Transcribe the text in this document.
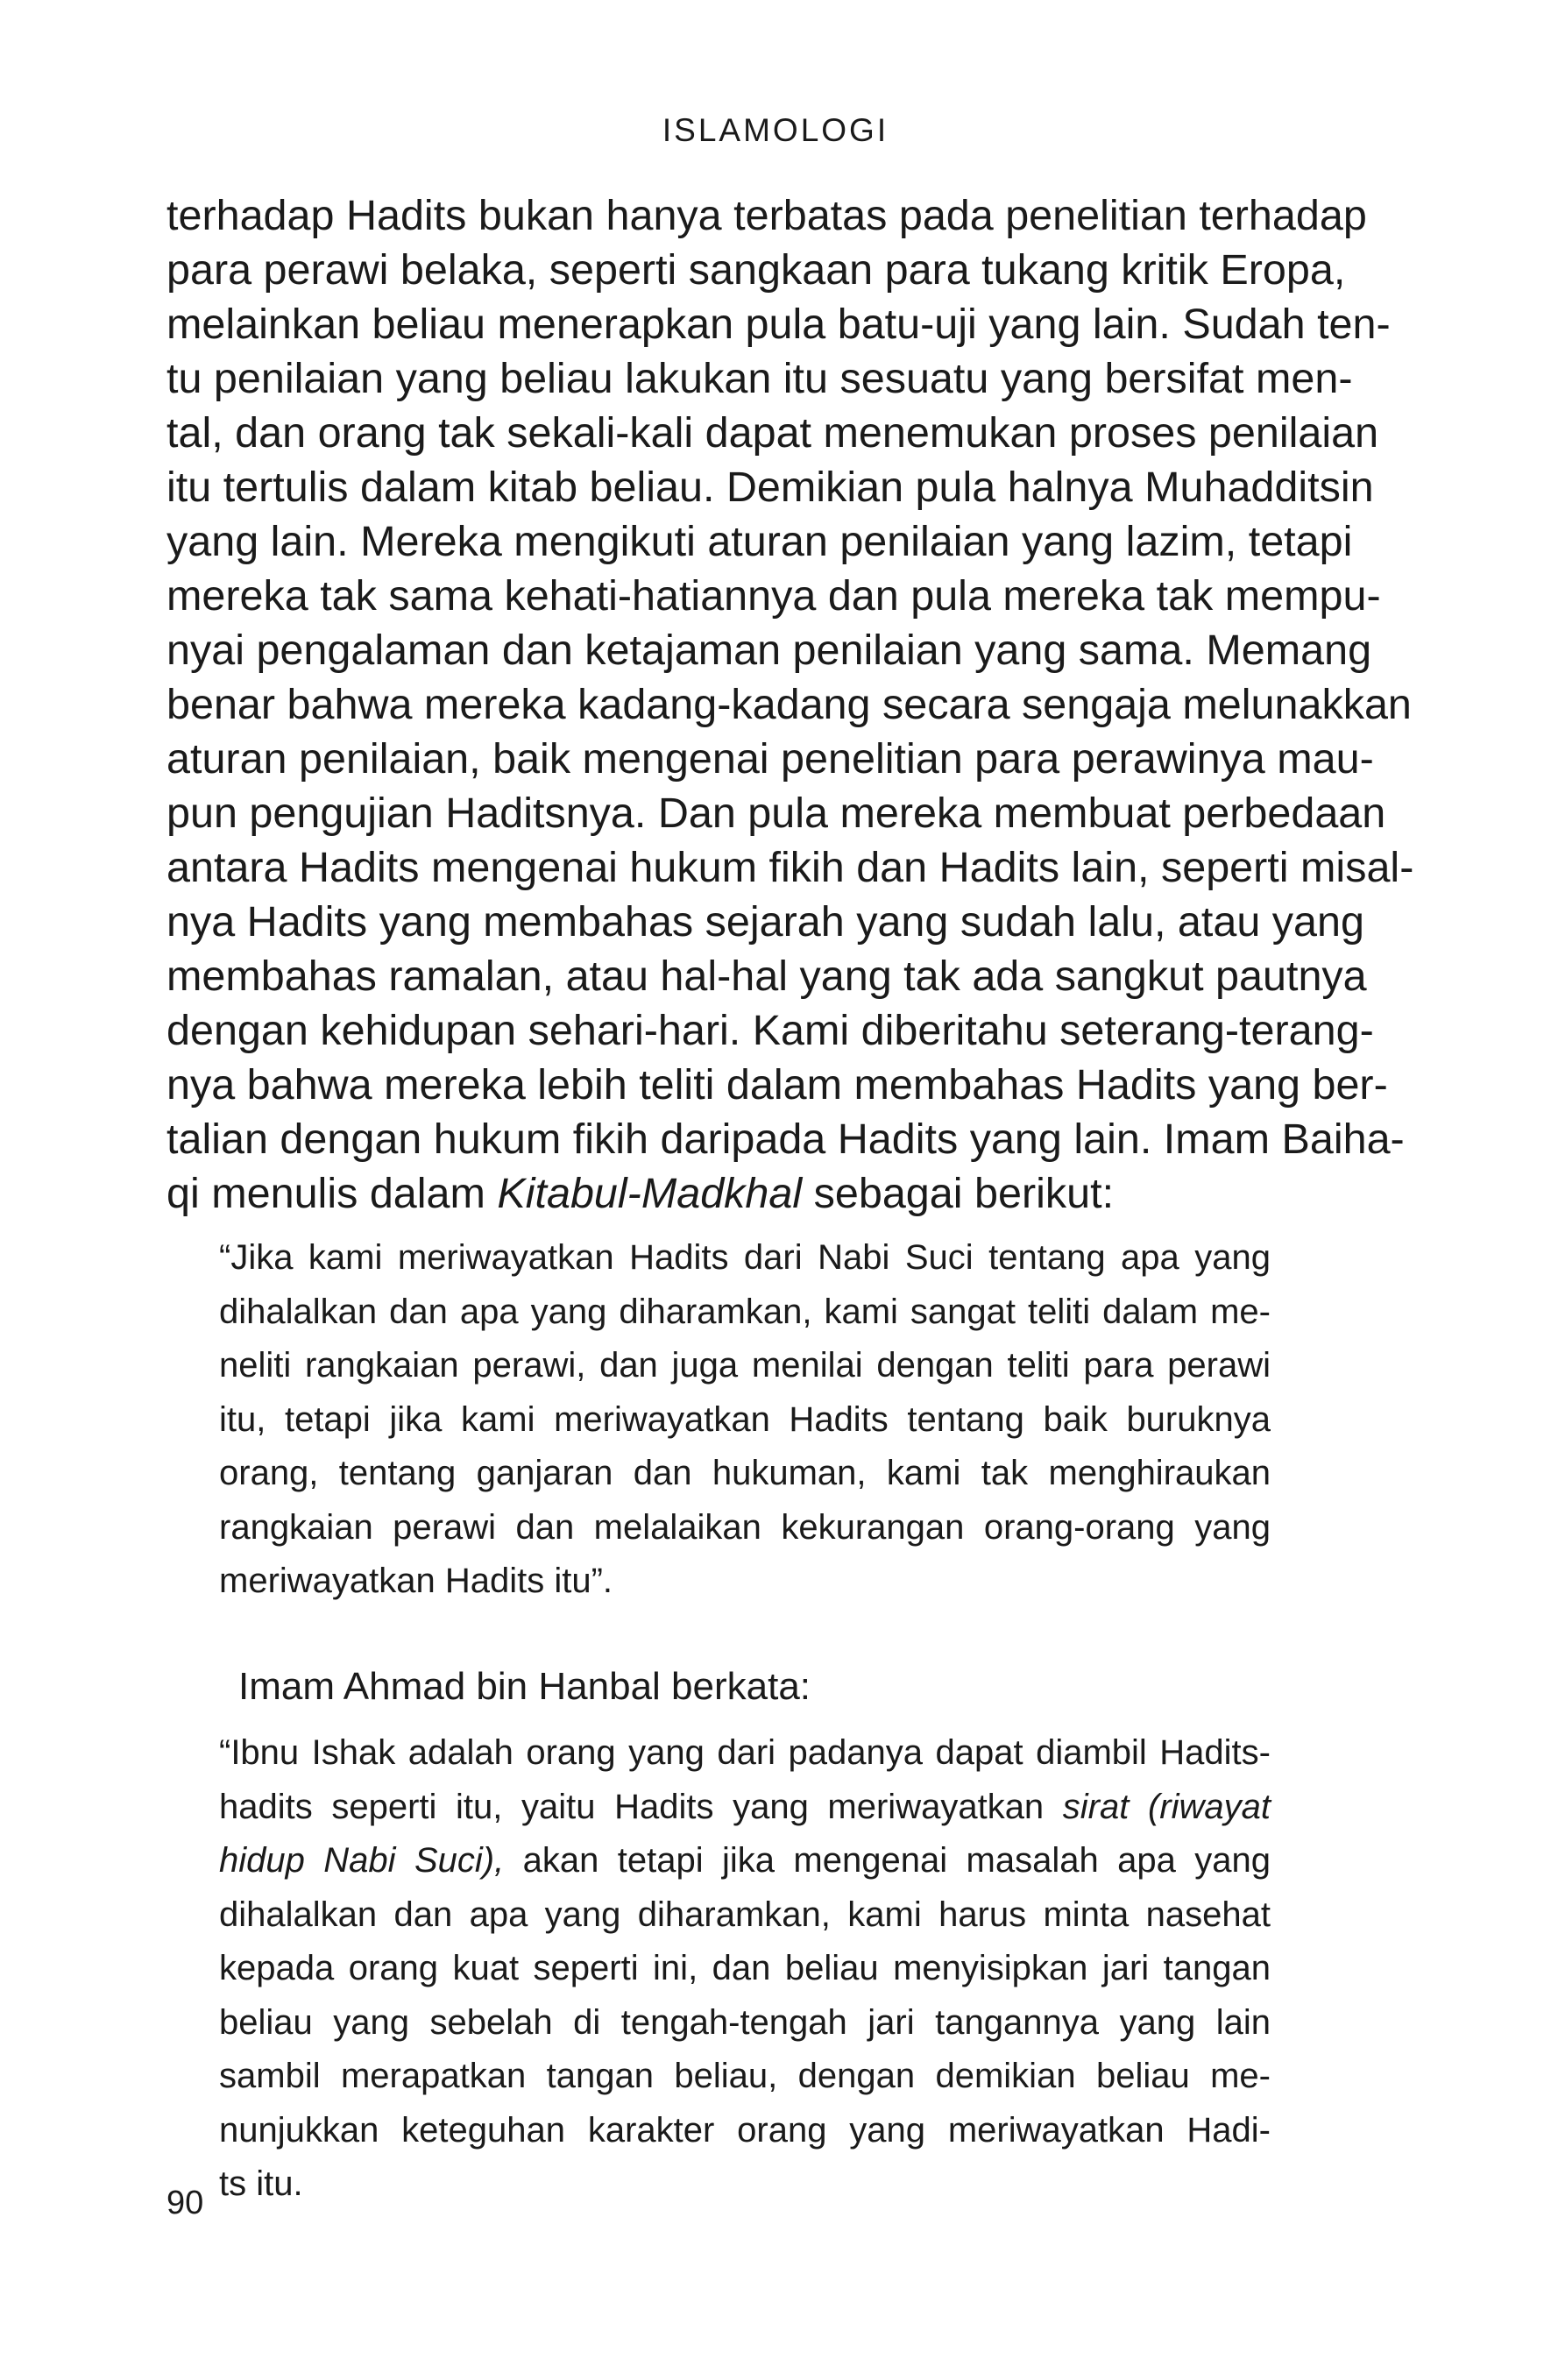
ISLAMOLOGI
terhadap Hadits bukan hanya terbatas pada penelitian terhadap
para perawi belaka, seperti sangkaan para tukang kritik Eropa,
melainkan beliau menerapkan pula batu-uji yang lain. Sudah ten-
tu penilaian yang beliau lakukan itu sesuatu yang bersifat men-
tal, dan orang tak sekali-kali dapat menemukan proses penilaian
itu tertulis dalam kitab beliau. Demikian pula halnya Muhadditsin
yang lain. Mereka mengikuti aturan penilaian yang lazim, tetapi
mereka tak sama kehati-hatiannya dan pula mereka tak mempu-
nyai pengalaman dan ketajaman penilaian yang sama. Memang
benar bahwa mereka kadang-kadang secara sengaja melunakkan
aturan penilaian, baik mengenai penelitian para perawinya mau-
pun pengujian Haditsnya. Dan pula mereka membuat perbedaan
antara Hadits mengenai hukum fikih dan Hadits lain, seperti misal-
nya Hadits yang membahas sejarah yang sudah lalu, atau yang
membahas ramalan, atau hal-hal yang tak ada sangkut pautnya
dengan kehidupan sehari-hari. Kami diberitahu seterang-terang-
nya bahwa mereka lebih teliti dalam membahas Hadits yang ber-
talian dengan hukum fikih daripada Hadits yang lain. Imam Baiha-
qi menulis dalam Kitabul-Madkhal sebagai berikut:
“Jika kami meriwayatkan Hadits dari Nabi Suci tentang apa yang
dihalalkan dan apa yang diharamkan, kami sangat teliti dalam me-
neliti rangkaian perawi, dan juga menilai dengan teliti para perawi
itu, tetapi jika kami meriwayatkan Hadits tentang baik buruknya
orang, tentang ganjaran dan hukuman, kami tak menghiraukan
rangkaian perawi dan melalaikan kekurangan orang-orang yang
meriwayatkan Hadits itu”.
Imam Ahmad bin Hanbal berkata:
“Ibnu Ishak adalah orang yang dari padanya dapat diambil Hadits-
hadits seperti itu, yaitu Hadits yang meriwayatkan sirat (riwayat
hidup Nabi Suci), akan tetapi jika mengenai masalah apa yang
dihalalkan dan apa yang diharamkan, kami harus minta nasehat
kepada orang kuat seperti ini, dan beliau menyisipkan jari tangan
beliau yang sebelah di tengah-tengah jari tangannya yang lain
sambil merapatkan tangan beliau, dengan demikian beliau me-
nunjukkan keteguhan karakter orang yang meriwayatkan Hadi-
ts itu.
90
